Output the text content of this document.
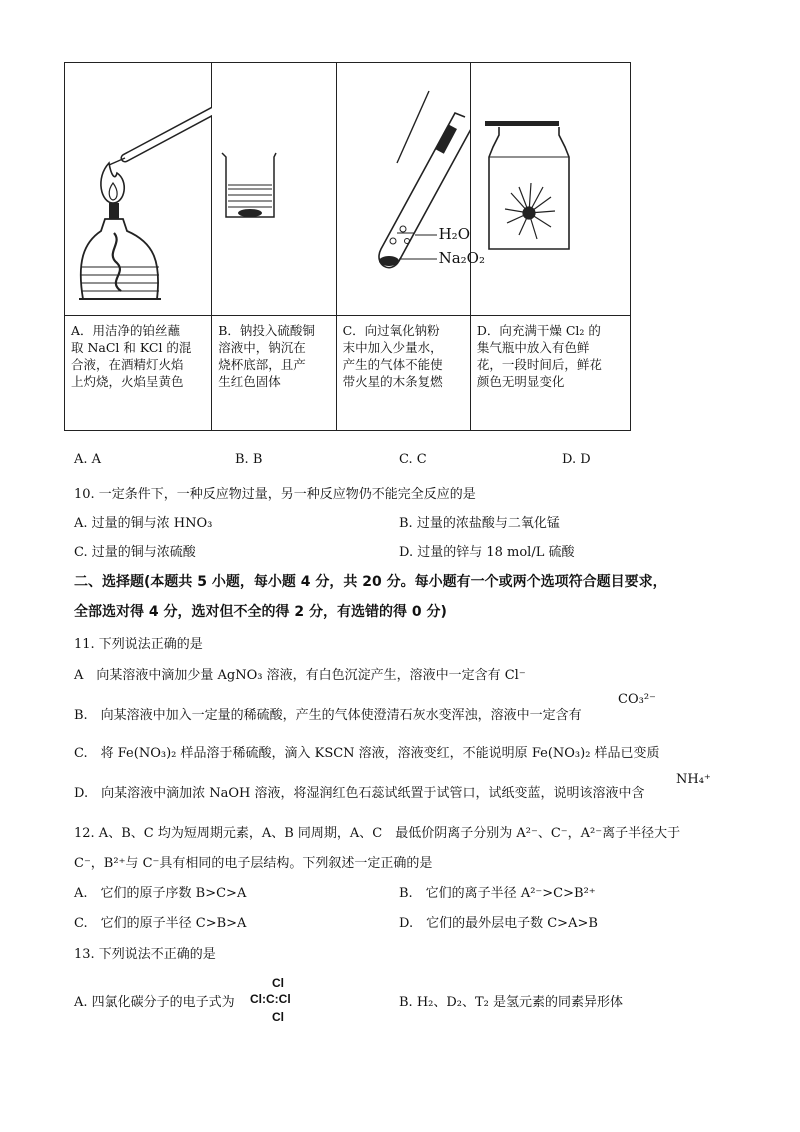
H₂O
Na₂O₂

A．用洁净的铂丝蘸
取 NaCl 和 KCl 的混
合液，在酒精灯火焰
上灼烧，火焰呈黄色	B．钠投入硫酸铜
溶液中，钠沉在
烧杯底部，且产
生红色固体	C．向过氧化钠粉
末中加入少量水，
产生的气体不能使
带火星的木条复燃	D．向充满干燥 Cl₂ 的
集气瓶中放入有色鲜
花，一段时间后，鲜花
颜色无明显变化
A. A	B. B	C. C	D. D
10. 一定条件下，一种反应物过量，另一种反应物仍不能完全反应的是
A. 过量的铜与浓 HNO₃	B. 过量的浓盐酸与二氧化锰
C. 过量的铜与浓硫酸	D. 过量的锌与 18 mol/L 硫酸
二、选择题(本题共 5 小题，每小题 4 分，共 20 分。每小题有一个或两个选项符合题目要求，
全部选对得 4 分，选对但不全的得 2 分，有选错的得 0 分)
11. 下列说法正确的是
A　向某溶液中滴加少量 AgNO₃ 溶液，有白色沉淀产生，溶液中一定含有 Cl⁻
B.　向某溶液中加入一定量的稀硫酸，产生的气体使澄清石灰水变浑浊，溶液中一定含有
CO₃²⁻
C.　将 Fe(NO₃)₂ 样品溶于稀硫酸，滴入 KSCN 溶液，溶液变红，不能说明原 Fe(NO₃)₂ 样品已变质
D.　向某溶液中滴加浓 NaOH 溶液，将湿润红色石蕊试纸置于试管口，试纸变蓝，说明该溶液中含
NH₄⁺
12. A、B、C 均为短周期元素，A、B 同周期，A、C　最低价阴离子分别为 A²⁻、C⁻，A²⁻离子半径大于
C⁻，B²⁺与 C⁻具有相同的电子层结构。下列叙述一定正确的是
A.　它们的原子序数 B>C>A	B.　它们的离子半径 A²⁻>C>B²⁺
C.　它们的原子半径 C>B>A	D.　它们的最外层电子数 C>A>B
13. 下列说法不正确的是
A. 四氯化碳分子的电子式为
Cl
Cl:C:Cl
Cl
B. H₂、D₂、T₂ 是氢元素的同素异形体
